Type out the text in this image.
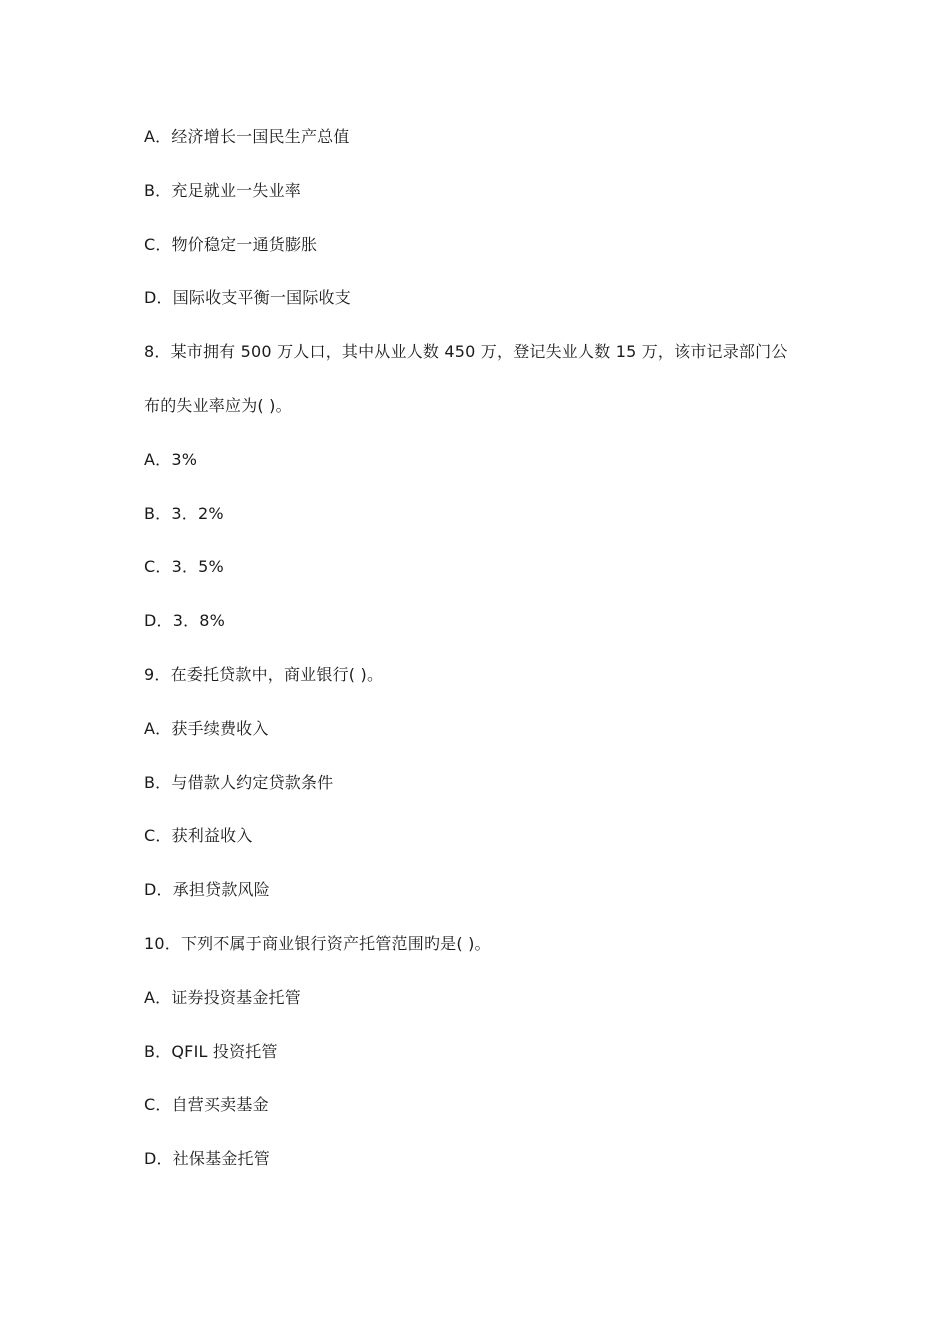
A．经济增长一国民生产总值
B．充足就业一失业率
C．物价稳定一通货膨胀
D．国际收支平衡一国际收支
8．某市拥有 500 万人口，其中从业人数 450 万，登记失业人数 15 万，该市记录部门公
布的失业率应为( )。
A．3%
B．3．2%
C．3．5%
D．3．8%
9．在委托贷款中，商业银行( )。
A．获手续费收入
B．与借款人约定贷款条件
C．获利益收入
D．承担贷款风险
10．下列不属于商业银行资产托管范围旳是( )。
A．证券投资基金托管
B．QFIL 投资托管
C．自营买卖基金
D．社保基金托管
